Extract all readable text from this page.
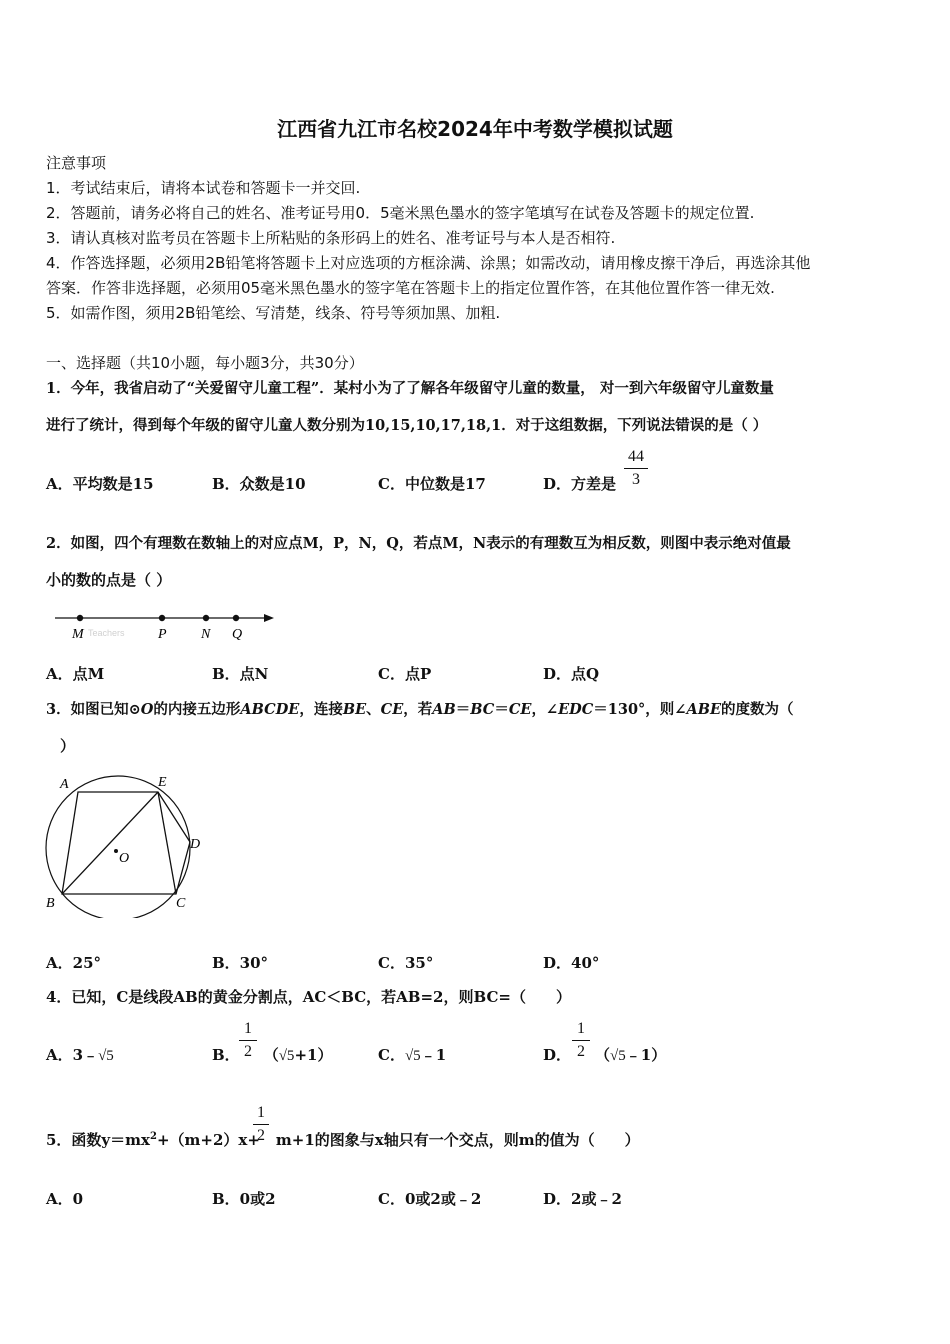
江西省九江市名校2024年中考数学模拟试题
注意事项
1．考试结束后，请将本试卷和答题卡一并交回.
2．答题前，请务必将自己的姓名、准考证号用0．5毫米黑色墨水的签字笔填写在试卷及答题卡的规定位置.
3．请认真核对监考员在答题卡上所粘贴的条形码上的姓名、准考证号与本人是否相符.
4．作答选择题，必须用2B铅笔将答题卡上对应选项的方框涂满、涂黑；如需改动，请用橡皮擦干净后，再选涂其他
答案．作答非选择题，必须用05毫米黑色墨水的签字笔在答题卡上的指定位置作答，在其他位置作答一律无效.
5．如需作图，须用2B铅笔绘、写清楚，线条、符号等须加黑、加粗.
一、选择题（共10小题，每小题3分，共30分）
1．今年，我省启动了“关爱留守儿童工程”．某村小为了了解各年级留守儿童的数量， 对一到六年级留守儿童数量
进行了统计，得到每个年级的留守儿童人数分别为10,15,10,17,18,1．对于这组数据，下列说法错误的是（ ）
A．平均数是15	B．众数是10	C．中位数是17	D．方差是
44
3
2．如图，四个有理数在数轴上的对应点M，P，N，Q，若点M，N表示的有理数互为相反数，则图中表示绝对值最
小的数的点是（ ）
M	P N Q
Teachers
A．点M	B．点N	C．点P	D．点Q
3．如图已知⊙O的内接五边形ABCDE，连接BE、CE，若AB＝BC＝CE，∠EDC＝130°，则∠ABE的度数为（
）
A	E
D
O
B	C
A．25°	B．30°	C．35°	D．40°
4．已知，C是线段AB的黄金分割点，AC＜BC，若AB=2，则BC=（　　）
A．3﹣√5	B． （√5+1）
1
2	C．√5﹣1	D． （√5﹣1）
1
2
5．函数$y=mx^2+(m+2)x+ m+1$的图象与x轴只有一个交点，则m的值为（　　）
1
2
A．0	B．0或2	C．0或2或﹣2	D．2或﹣2
